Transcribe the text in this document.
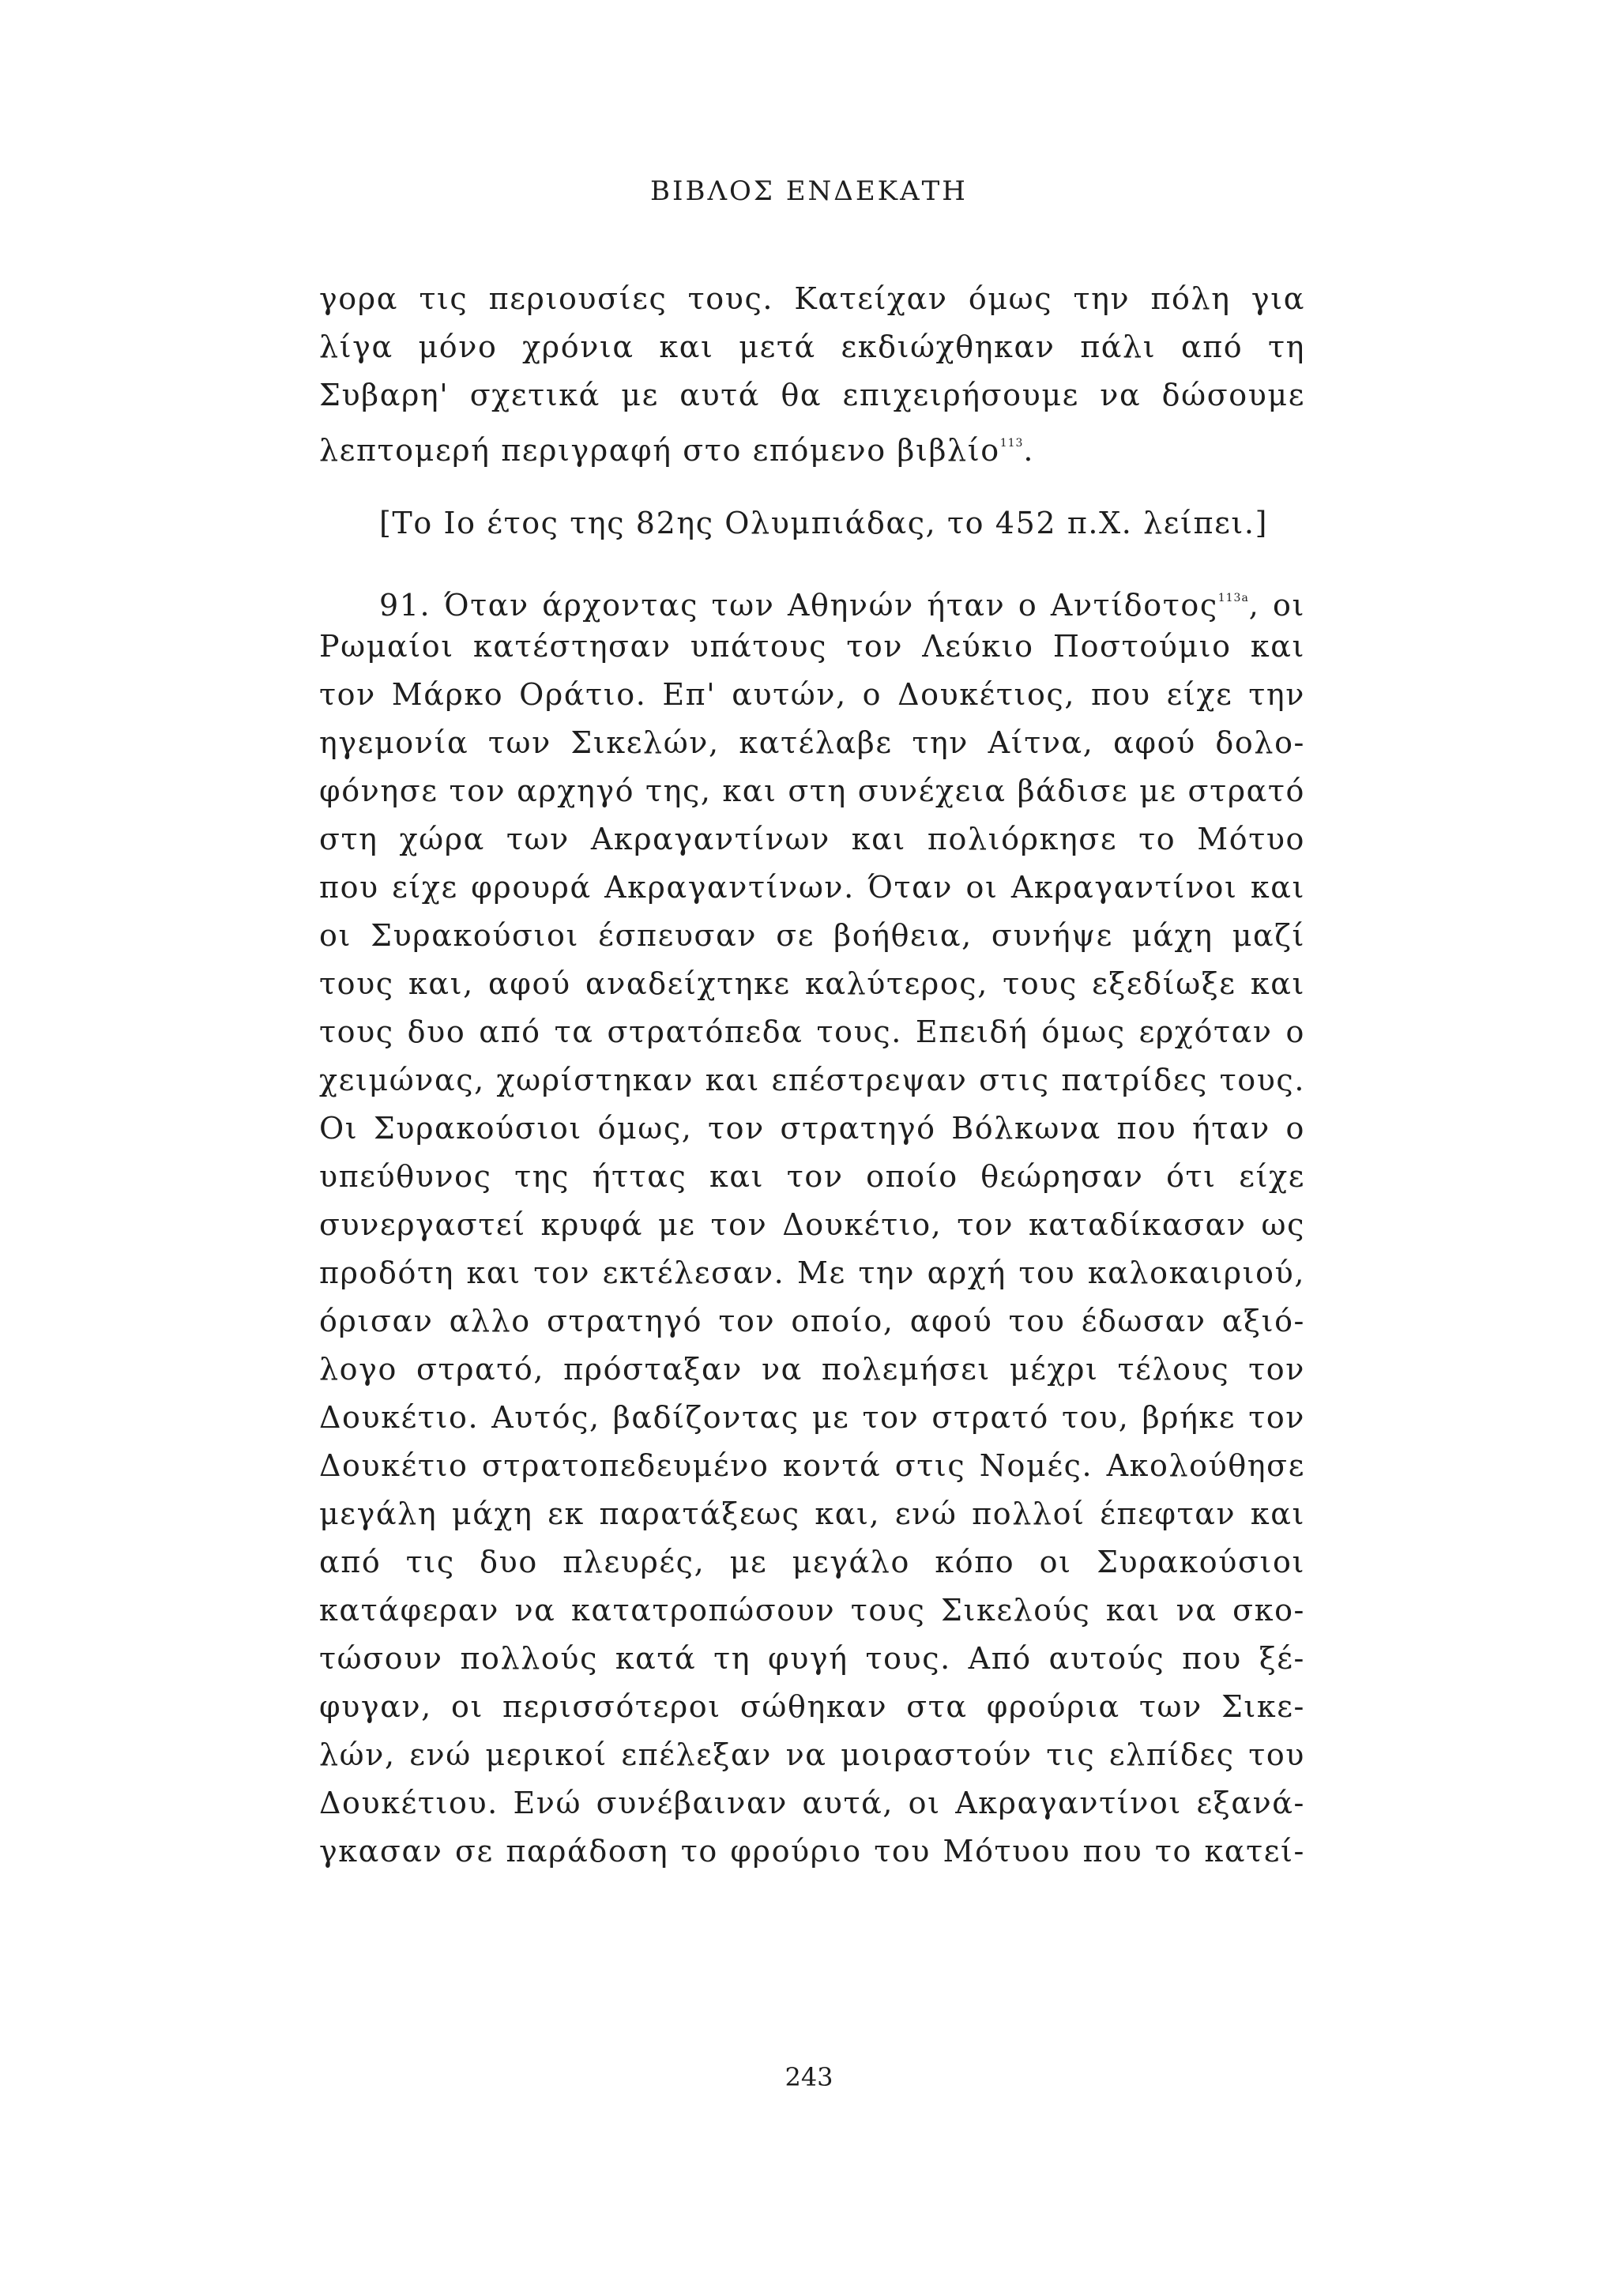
ΒΙΒΛΟΣ ΕΝΔΕΚΑΤΗ
γορα τις περιουσίες τους. Κατείχαν όμως την πόλη για
λίγα μόνο χρόνια και μετά εκδιώχθηκαν πάλι από τη
Συβαρη' σχετικά με αυτά θα επιχειρήσουμε να δώσουμε
λεπτομερή περιγραφή στο επόμενο βιβλίο$^{113}$.
[Το Ιο έτος της 82ης Ολυμπιάδας, το 452 π.Χ. λείπει.]
91. Όταν άρχοντας των Αθηνών ήταν ο Αντίδοτος$^{113a}$, οι
Ρωμαίοι κατέστησαν υπάτους τον Λεύκιο Ποστούμιο και
τον Μάρκο Οράτιο. Επ' αυτών, ο Δουκέτιος, που είχε την
ηγεμονία των Σικελών, κατέλαβε την Αίτνα, αφού δολο-
φόνησε τον αρχηγό της, και στη συνέχεια βάδισε με στρατό
στη χώρα των Ακραγαντίνων και πολιόρκησε το Μότυο
που είχε φρουρά Ακραγαντίνων. Όταν οι Ακραγαντίνοι και
οι Συρακούσιοι έσπευσαν σε βοήθεια, συνήψε μάχη μαζί
τους και, αφού αναδείχτηκε καλύτερος, τους εξεδίωξε και
τους δυο από τα στρατόπεδα τους. Επειδή όμως ερχόταν ο
χειμώνας, χωρίστηκαν και επέστρεψαν στις πατρίδες τους.
Οι Συρακούσιοι όμως, τον στρατηγό Βόλκωνα που ήταν ο
υπεύθυνος της ήττας και τον οποίο θεώρησαν ότι είχε
συνεργαστεί κρυφά με τον Δουκέτιο, τον καταδίκασαν ως
προδότη και τον εκτέλεσαν. Με την αρχή του καλοκαιριού,
όρισαν αλλο στρατηγό τον οποίο, αφού του έδωσαν αξιό-
λογο στρατό, πρόσταξαν να πολεμήσει μέχρι τέλους τον
Δουκέτιο. Αυτός, βαδίζοντας με τον στρατό του, βρήκε τον
Δουκέτιο στρατοπεδευμένο κοντά στις Νομές. Ακολούθησε
μεγάλη μάχη εκ παρατάξεως και, ενώ πολλοί έπεφταν και
από τις δυο πλευρές, με μεγάλο κόπο οι Συρακούσιοι
κατάφεραν να κατατροπώσουν τους Σικελούς και να σκο-
τώσουν πολλούς κατά τη φυγή τους. Από αυτούς που ξέ-
φυγαν, οι περισσότεροι σώθηκαν στα φρούρια των Σικε-
λών, ενώ μερικοί επέλεξαν να μοιραστούν τις ελπίδες του
Δουκέτιου. Ενώ συνέβαιναν αυτά, οι Ακραγαντίνοι εξανά-
γκασαν σε παράδοση το φρούριο του Μότυου που το κατεί-
243
